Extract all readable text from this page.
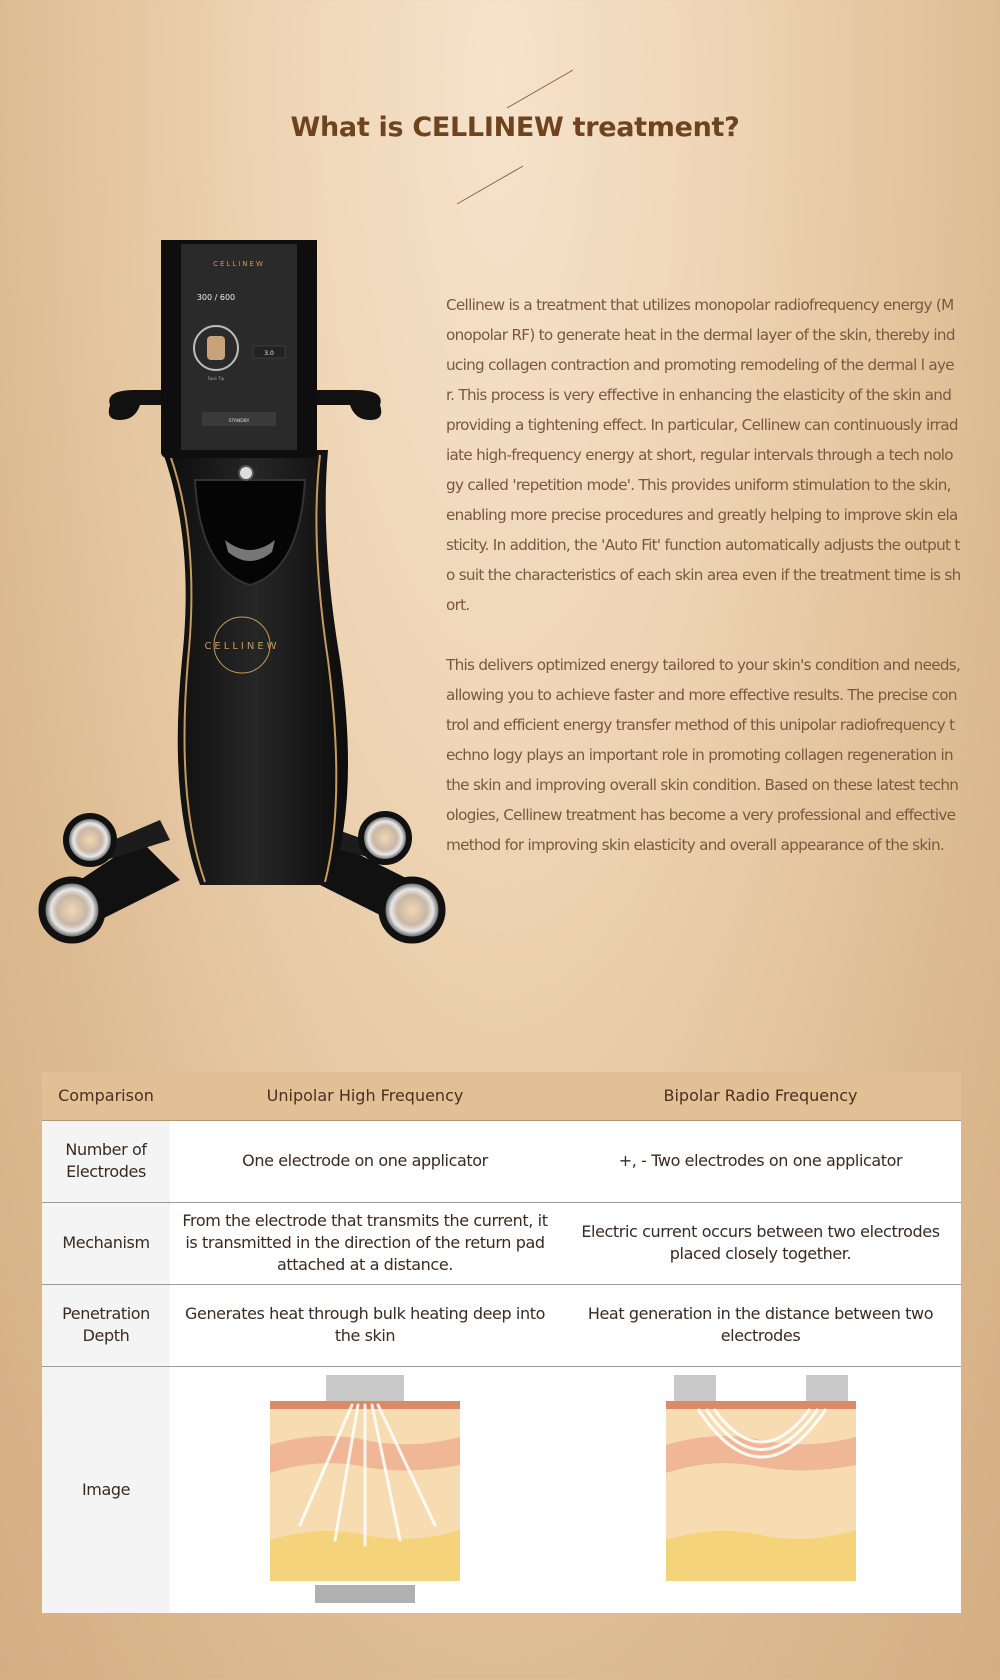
What is CELLINEW treatment?
CELLINEW
CELLINEW
300 / 600
Face Tip
3.0
STANDBY

Cellinew is a treatment that utilizes monopolar radiofrequency energy (Monopolar RF) to generate heat in the dermal layer of the skin, thereby inducing collagen contraction and promoting remodeling of the dermal l ayer. This process is very effective in enhancing the elasticity of the skin and providing a tightening effect. In particular, Cellinew can continuously irradiate high-frequency energy at short, regular intervals through a tech nology called 'repetition mode'. This provides uniform stimulation to the skin, enabling more precise procedures and greatly helping to improve skin elasticity. In addition, the 'Auto Fit' function automatically adjusts the output to suit the characteristics of each skin area even if the treatment time is short.

This delivers optimized energy tailored to your skin's condition and needs, allowing you to achieve faster and more effective results. The precise control and efficient energy transfer method of this unipolar radiofrequency techno logy plays an important role in promoting collagen regeneration in the skin and improving overall skin condition. Based on these latest technologies, Cellinew treatment has become a very professional and effective method for improving skin elasticity and overall appearance of the skin.

Comparison	Unipolar High Frequency	Bipolar Radio Frequency
Number of Electrodes	One electrode on one applicator	+, - Two electrodes on one applicator
Mechanism	From the electrode that transmits the current, it is transmitted in the direction of the return pad attached at a distance.	Electric current occurs between two electrodes placed closely together.
Penetration Depth	Generates heat through bulk heating deep into the skin	Heat generation in the distance between two electrodes
Image	
